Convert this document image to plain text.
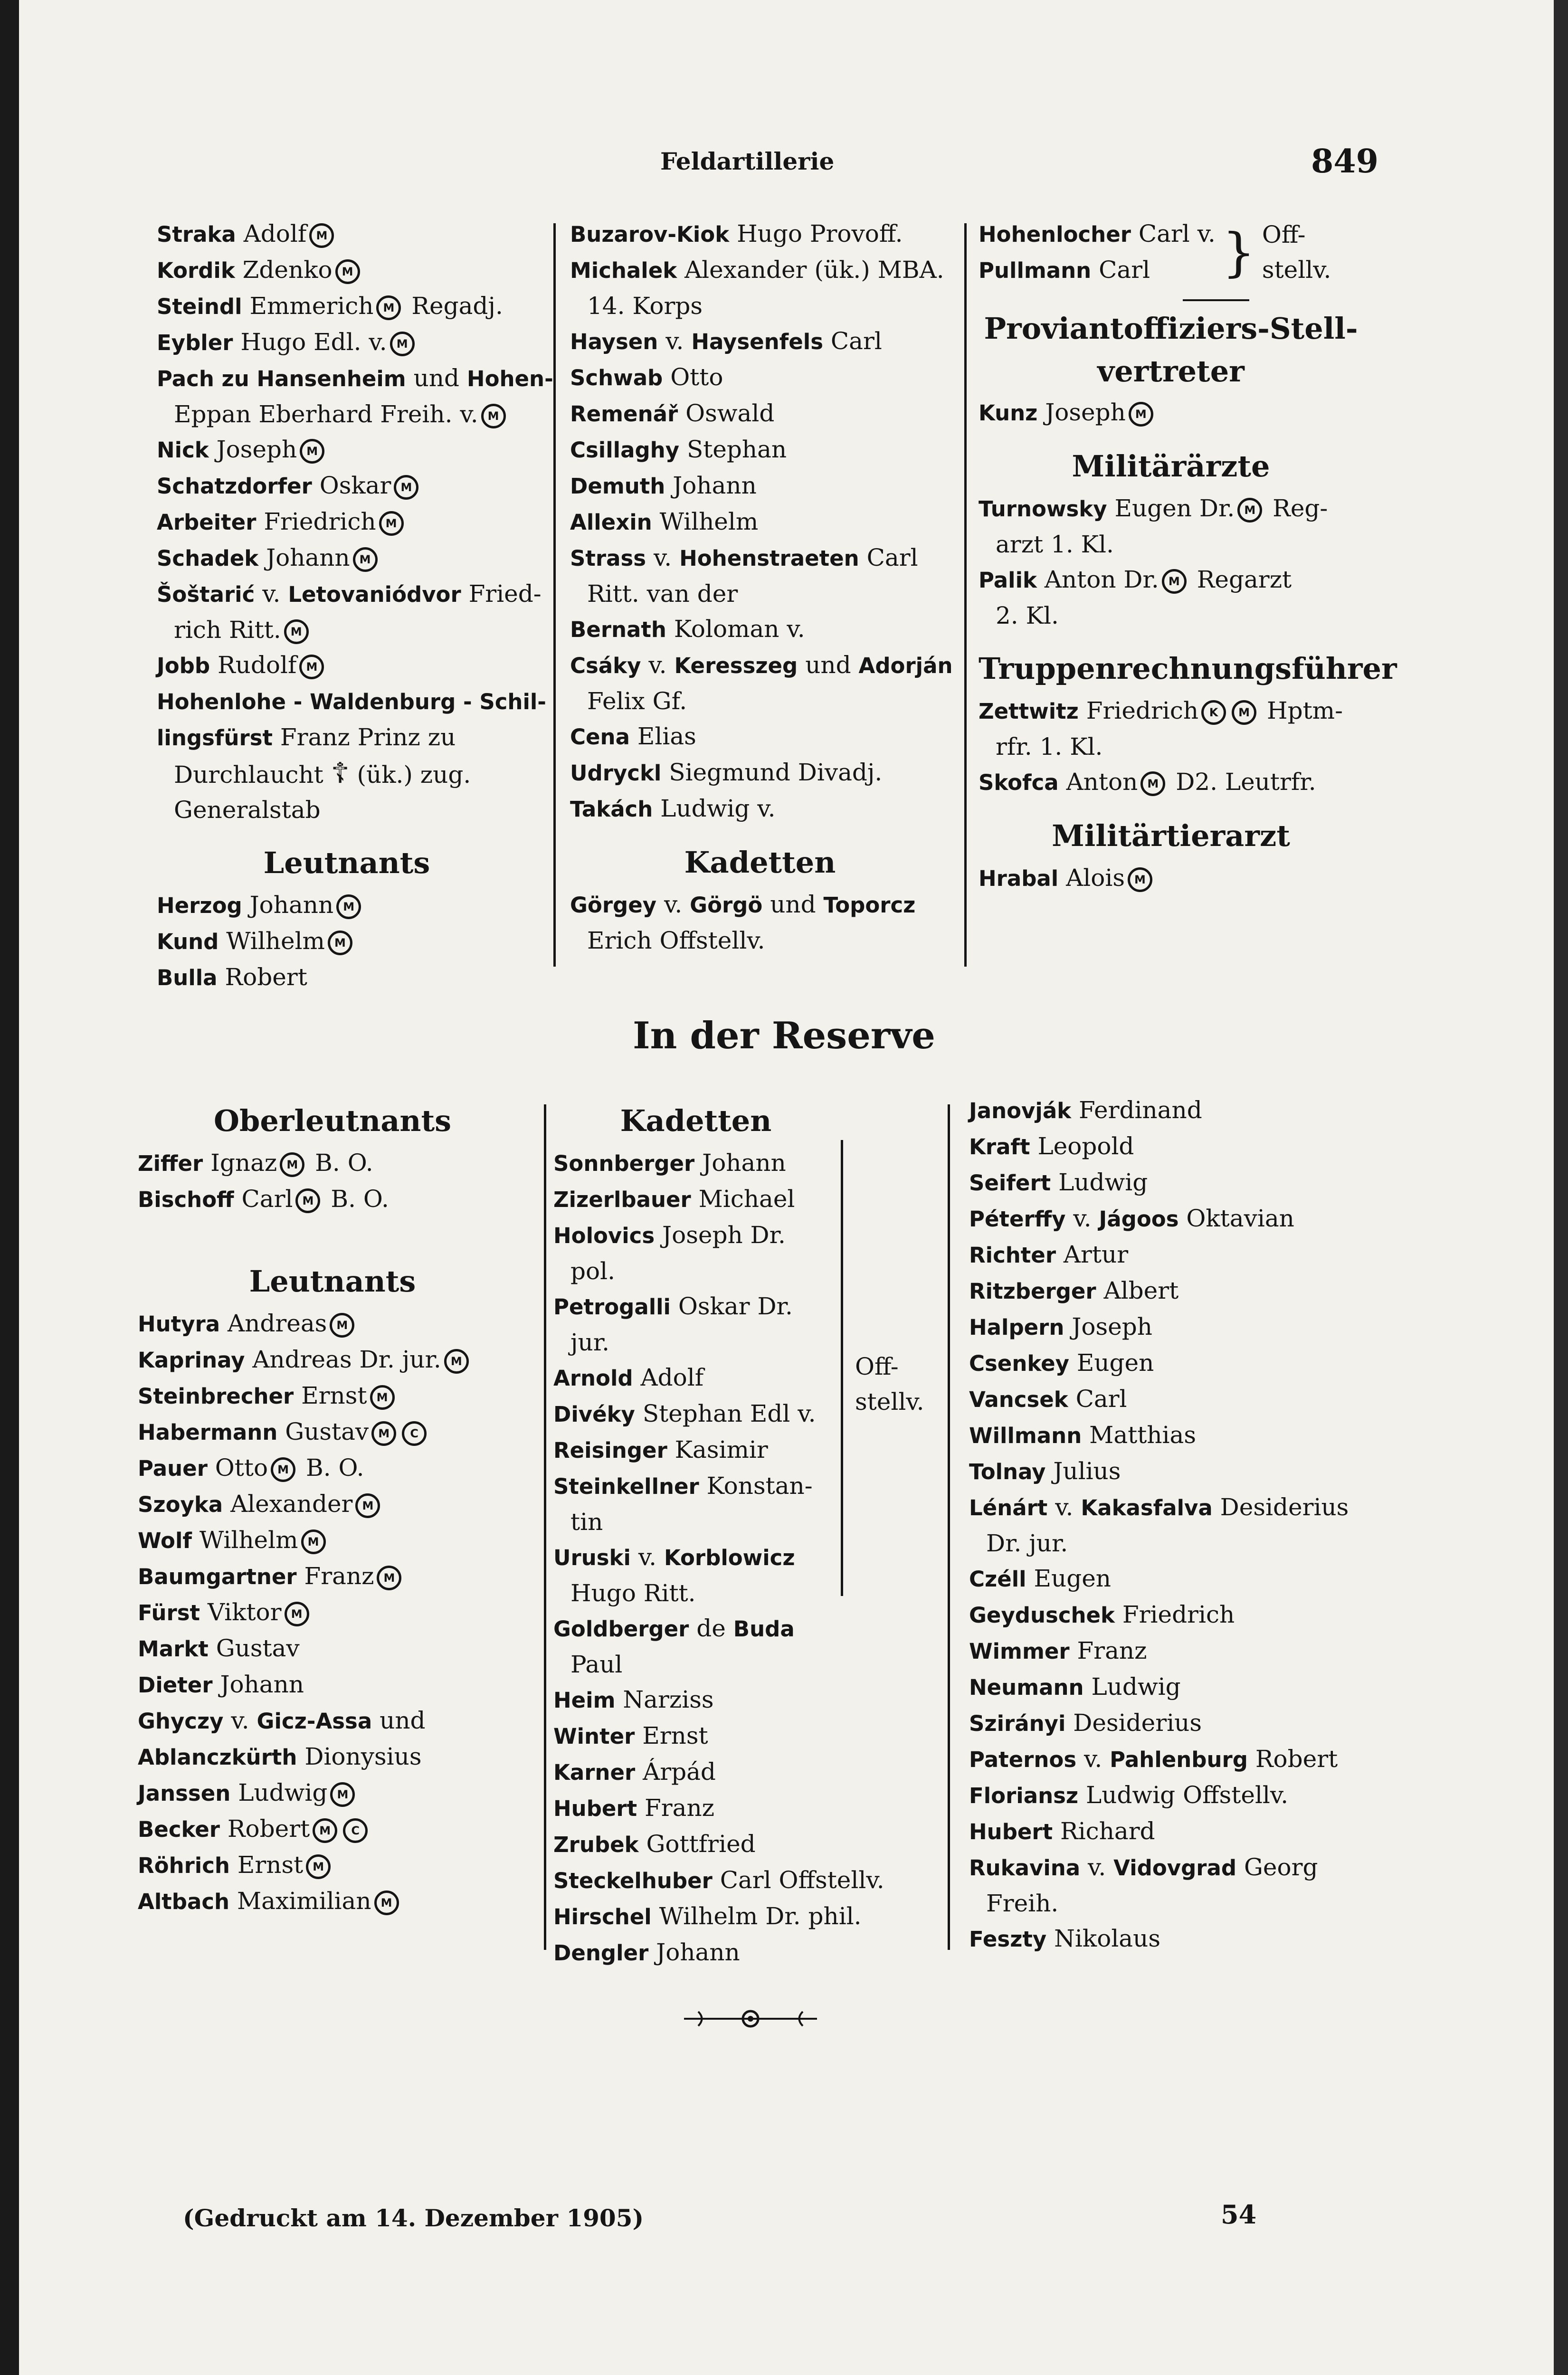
Feldartillerie	849
Straka Adolf M
Kordik Zdenko M
Steindl Emmerich M Regadj.
Eybler Hugo Edl. v. M
Pach zu Hansenheim und Hohen-
Eppan Eberhard Freih. v. M
Nick Joseph M
Schatzdorfer Oskar M
Arbeiter Friedrich M
Schadek Johann M
Šoštarić v. Letovaniódvor Fried-
rich Ritt. M
Jobb Rudolf M
Hohenlohe - Waldenburg - Schil-
lingsfürst Franz Prinz zu
Durchlaucht ☦ (ük.) zug.
Generalstab
Leutnants
Herzog Johann M
Kund Wilhelm M
Bulla Robert
Buzarov-Kiok Hugo Provoff.
Michalek Alexander (ük.) MBA.
14. Korps
Haysen v. Haysenfels Carl
Schwab Otto
Remenář Oswald
Csillaghy Stephan
Demuth Johann
Allexin Wilhelm
Strass v. Hohenstraeten Carl
Ritt. van der
Bernath Koloman v.
Csáky v. Keresszeg und Adorján
Felix Gf.
Cena Elias
Udryckl Siegmund Divadj.
Takách Ludwig v.
Kadetten
Görgey v. Görgö und Toporcz
Erich Offstellv.
Hohenlocher Carl v.
Pullmann Carl	} Off-
stellv.
Proviantoffiziers-Stell-
vertreter
Kunz Joseph M
Militärärzte
Turnowsky Eugen Dr. M Reg-
arzt 1. Kl.
Palik Anton Dr. M Regarzt
2. Kl.
Truppenrechnungsführer
Zettwitz Friedrich K M Hptm-
rfr. 1. Kl.
Skofca Anton M D2. Leutrfr.
Militärtierarzt
Hrabal Alois M
In der Reserve
Oberleutnants
Ziffer Ignaz M B. O.
Bischoff Carl M B. O.
Leutnants
Hutyra Andreas M
Kaprinay Andreas Dr. jur. M
Steinbrecher Ernst M
Habermann Gustav M C
Pauer Otto M B. O.
Szoyka Alexander M
Wolf Wilhelm M
Baumgartner Franz M
Fürst Viktor M
Markt Gustav
Dieter Johann
Ghyczy v. Gicz-Assa und
Ablanczkürth Dionysius
Janssen Ludwig M
Becker Robert M C
Röhrich Ernst M
Altbach Maximilian M
Kadetten
Sonnberger Johann
Zizerlbauer Michael
Holovics Joseph Dr.
pol.
Petrogalli Oskar Dr.
jur.
Arnold Adolf
Divéky Stephan Edl v.
Reisinger Kasimir
Steinkellner Konstan-
tin
Uruski v. Korblowicz
Hugo Ritt.
Goldberger de Buda
Paul
Heim Narziss
Winter Ernst
Karner Árpád
Hubert Franz
Zrubek Gottfried
Steckelhuber Carl Offstellv.
Hirschel Wilhelm Dr. phil.
Dengler Johann
Off-
stellv.
Janovják Ferdinand
Kraft Leopold
Seifert Ludwig
Péterffy v. Jágoos Oktavian
Richter Artur
Ritzberger Albert
Halpern Joseph
Csenkey Eugen
Vancsek Carl
Willmann Matthias
Tolnay Julius
Lénárt v. Kakasfalva Desiderius
Dr. jur.
Czéll Eugen
Geyduschek Friedrich
Wimmer Franz
Neumann Ludwig
Szirányi Desiderius
Paternos v. Pahlenburg Robert
Floriansz Ludwig Offstellv.
Hubert Richard
Rukavina v. Vidovgrad Georg
Freih.
Feszty Nikolaus
(Gedruckt am 14. Dezember 1905)	54
